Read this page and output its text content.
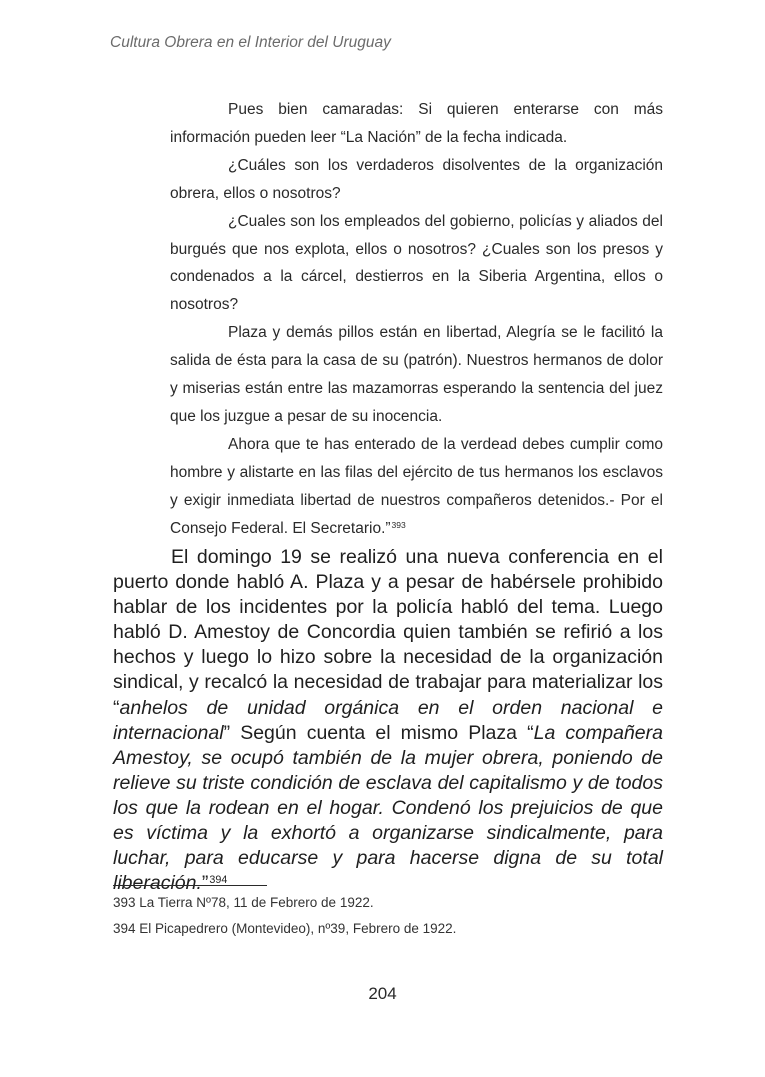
Cultura Obrera en el Interior del Uruguay

Pues bien camaradas: Si quieren enterarse con más información pueden leer “La Nación” de la fecha indicada.

¿Cuáles son los verdaderos disolventes de la organización obrera, ellos o nosotros?

¿Cuales son los empleados del gobierno, policías y aliados del burgués que nos explota, ellos o nosotros? ¿Cuales son los presos y condenados a la cárcel, destierros en la Siberia Argentina, ellos o nosotros?

Plaza y demás pillos están en libertad, Alegría se le facilitó la salida de ésta para la casa de su (patrón). Nuestros hermanos de dolor y miserias están entre las mazamorras esperando la sentencia del juez que los juzgue a pesar de su inocencia.

Ahora que te has enterado de la verdead debes cumplir como hombre y alistarte en las filas del ejército de tus hermanos los esclavos y exigir inmediata libertad de nuestros compañeros detenidos.- Por el Consejo Federal. El Secretario.”$^{393}$

El domingo 19 se realizó una nueva conferencia en el puerto donde habló A. Plaza y a pesar de habérsele prohibido hablar de los incidentes por la policía habló del tema. Luego habló D. Amestoy de Concordia quien también se refirió a los hechos y luego lo hizo sobre la necesidad de la organización sindical, y recalcó la necesidad de trabajar para materializar los “anhelos de unidad orgánica en el orden nacional e internacional” Según cuenta el mismo Plaza “La compañera Amestoy, se ocupó también de la mujer obrera, poniendo de relieve su triste condición de esclava del capitalismo y de todos los que la rodean en el hogar. Condenó los prejuicios de que es víctima y la exhortó a organizarse sindicalmente, para luchar, para educarse y para hacerse digna de su total liberación.”$^{394}$

393 La Tierra Nº78, 11 de Febrero de 1922.
394 El Picapedrero (Montevideo), nº39, Febrero de 1922.
204
